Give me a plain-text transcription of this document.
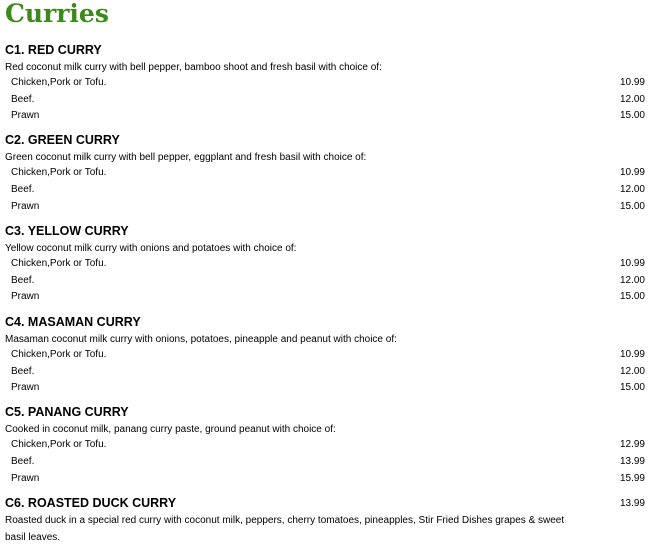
Curries
C1. RED CURRY

Red coconut milk curry with bell pepper, bamboo shoot and fresh basil with choice of:

Chicken,Pork or Tofu.	10.99
Beef.	12.00
Prawn	15.00
C2. GREEN CURRY

Green coconut milk curry with bell pepper, eggplant and fresh basil with choice of:

Chicken,Pork or Tofu.	10.99
Beef.	12.00
Prawn	15.00
C3. YELLOW CURRY

Yellow coconut milk curry with onions and potatoes with choice of:

Chicken,Pork or Tofu.	10.99
Beef.	12.00
Prawn	15.00
C4. MASAMAN CURRY

Masaman coconut milk curry with onions, potatoes, pineapple and peanut with choice of:

Chicken,Pork or Tofu.	10.99
Beef.	12.00
Prawn	15.00
C5. PANANG CURRY

Cooked in coconut milk, panang curry paste, ground peanut with choice of:

Chicken,Pork or Tofu.	12.99
Beef.	13.99
Prawn	15.99
C6. ROASTED DUCK CURRY	13.99

Roasted duck in a special red curry with coconut milk, peppers, cherry tomatoes, pineapples, Stir Fried Dishes grapes & sweet basil leaves.
